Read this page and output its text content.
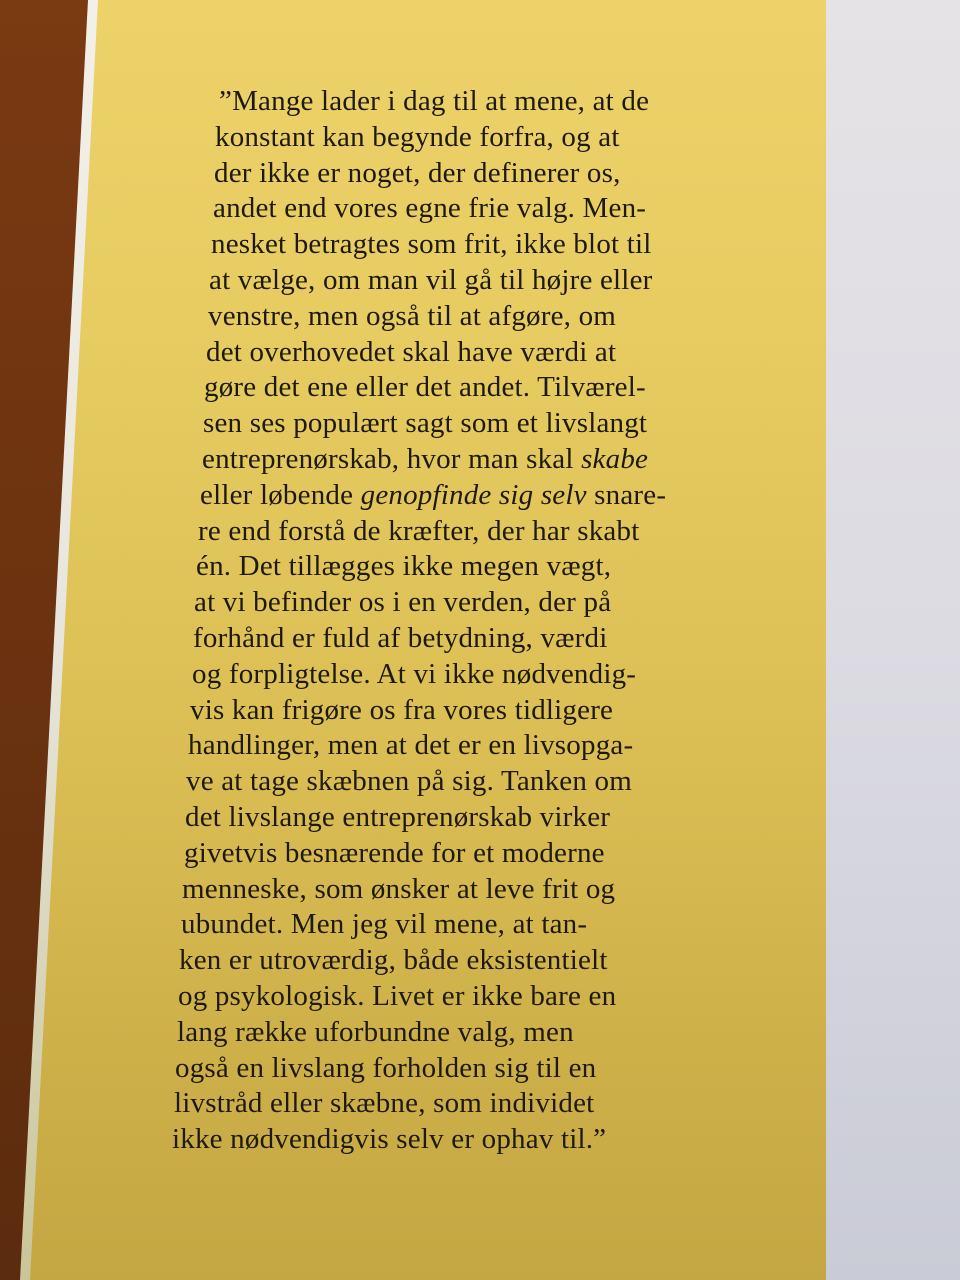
”Mange lader i dag til at mene, at de
konstant kan begynde forfra, og at
der ikke er noget, der definerer os,
andet end vores egne frie valg. Men-
nesket betragtes som frit, ikke blot til
at vælge, om man vil gå til højre eller
venstre, men også til at afgøre, om
det overhovedet skal have værdi at
gøre det ene eller det andet. Tilværel-
sen ses populært sagt som et livslangt
entreprenørskab, hvor man skal skabe
eller løbende genopfinde sig selv snare-
re end forstå de kræfter, der har skabt
én. Det tillægges ikke megen vægt,
at vi befinder os i en verden, der på
forhånd er fuld af betydning, værdi
og forpligtelse. At vi ikke nødvendig-
vis kan frigøre os fra vores tidligere
handlinger, men at det er en livsopga-
ve at tage skæbnen på sig. Tanken om
det livslange entreprenørskab virker
givetvis besnærende for et moderne
menneske, som ønsker at leve frit og
ubundet. Men jeg vil mene, at tan-
ken er utroværdig, både eksistentielt
og psykologisk. Livet er ikke bare en
lang række uforbundne valg, men
også en livslang forholden sig til en
livstråd eller skæbne, som individet
ikke nødvendigvis selv er ophav til.”
